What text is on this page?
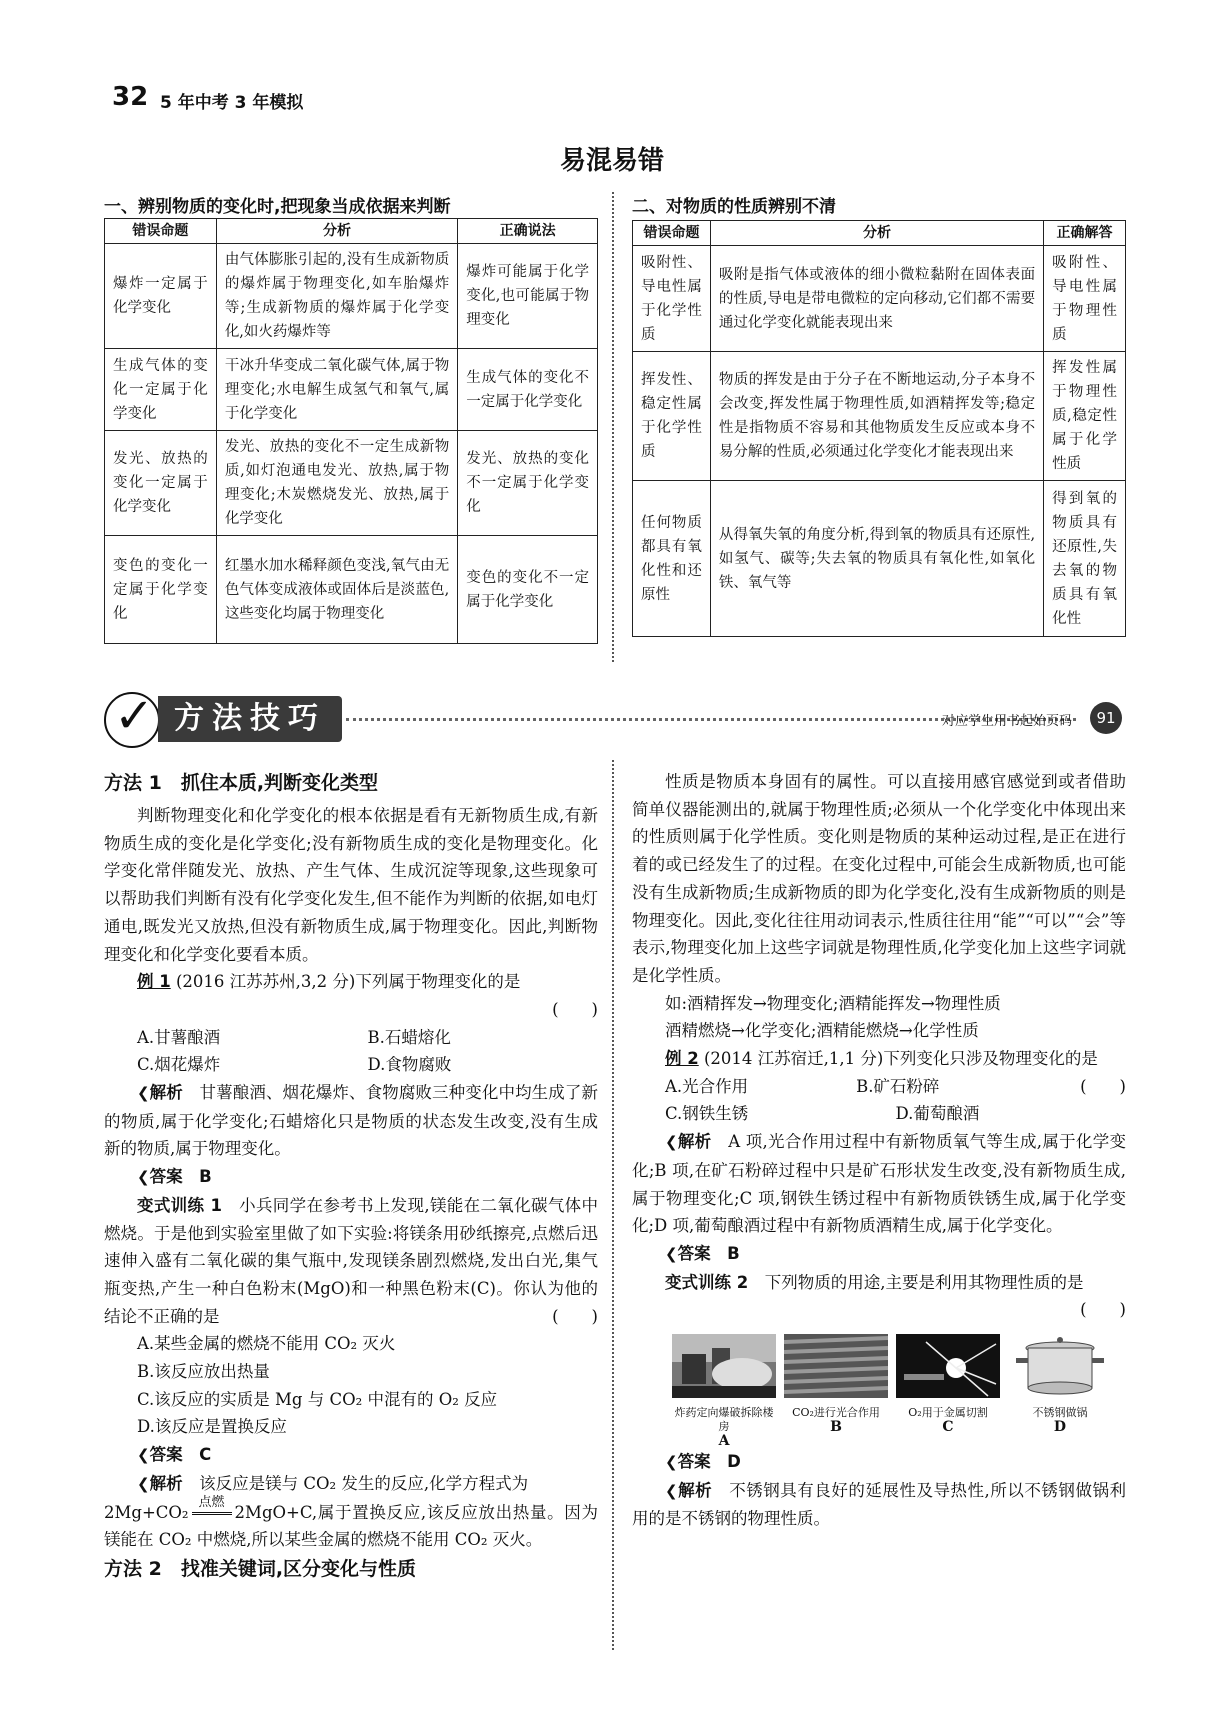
32 5 年中考 3 年模拟
易混易错
一、辨别物质的变化时,把现象当成依据来判断	二、对物质的性质辨别不清
错误命题	分析	正确说法
爆炸一定属于化学变化	由气体膨胀引起的,没有生成新物质的爆炸属于物理变化,如车胎爆炸等;生成新物质的爆炸属于化学变化,如火药爆炸等	爆炸可能属于化学变化,也可能属于物理变化
生成气体的变化一定属于化学变化	干冰升华变成二氧化碳气体,属于物理变化;水电解生成氢气和氧气,属于化学变化	生成气体的变化不一定属于化学变化
发光、放热的变化一定属于化学变化	发光、放热的变化不一定生成新物质,如灯泡通电发光、放热,属于物理变化;木炭燃烧发光、放热,属于化学变化	发光、放热的变化不一定属于化学变化
变色的变化一定属于化学变化	红墨水加水稀释颜色变浅,氧气由无色气体变成液体或固体后是淡蓝色,这些变化均属于物理变化	变色的变化不一定属于化学变化
错误命题	分析	正确解答
吸附性、导电性属于化学性质	吸附是指气体或液体的细小微粒黏附在固体表面的性质,导电是带电微粒的定向移动,它们都不需要通过化学变化就能表现出来	吸附性、导电性属于物理性质
挥发性、稳定性属于化学性质	物质的挥发是由于分子在不断地运动,分子本身不会改变,挥发性属于物理性质,如酒精挥发等;稳定性是指物质不容易和其他物质发生反应或本身不易分解的性质,必须通过化学变化才能表现出来	挥发性属于物理性质,稳定性属于化学性质
任何物质都具有氧化性和还原性	从得氧失氧的角度分析,得到氧的物质具有还原性,如氢气、碳等;失去氧的物质具有氧化性,如氧化铁、氧气等	得到氧的物质具有还原性,失去氧的物质具有氧化性
✓ 方法技巧	对应学生用书起始页码	91

方法 1　抓住本质,判断变化类型

判断物理变化和化学变化的根本依据是看有无新物质生成,有新物质生成的变化是化学变化;没有新物质生成的变化是物理变化。化学变化常伴随发光、放热、产生气体、生成沉淀等现象,这些现象可以帮助我们判断有没有化学变化发生,但不能作为判断的依据,如电灯通电,既发光又放热,但没有新物质生成,属于物理变化。因此,判断物理变化和化学变化要看本质。

例 1 (2016 江苏苏州,3,2 分)下列属于物理变化的是

(　　)

A.甘薯酿酒	B.石蜡熔化
C.烟花爆炸	D.食物腐败

❮解析　 甘薯酿酒、烟花爆炸、食物腐败三种变化中均生成了新的物质,属于化学变化;石蜡熔化只是物质的状态发生改变,没有生成新的物质,属于物理变化。

❮答案　 B

变式训练 1　 小兵同学在参考书上发现,镁能在二氧化碳气体中燃烧。于是他到实验室里做了如下实验:将镁条用砂纸擦亮,点燃后迅速伸入盛有二氧化碳的集气瓶中,发现镁条剧烈燃烧,发出白光,集气瓶变热,产生一种白色粉末(MgO)和一种黑色粉末(C)。你认为他的结论不正确的是	(　　)

A.某些金属的燃烧不能用 CO₂ 灭火

B.该反应放出热量

C.该反应的实质是 Mg 与 CO₂ 中混有的 O₂ 反应

D.该反应是置换反应

❮答案　 C

❮解析　 该反应是镁与 CO₂ 发生的反应,化学方程式为

2Mg+CO₂
点燃
2MgO+C,属于置换反应,该反应放出热量。因为镁能在 CO₂ 中燃烧,所以某些金属的燃烧不能用 CO₂ 灭火。

方法 2　找准关键词,区分变化与性质

性质是物质本身固有的属性。可以直接用感官感觉到或者借助简单仪器能测出的,就属于物理性质;必须从一个化学变化中体现出来的性质则属于化学性质。变化则是物质的某种运动过程,是正在进行着的或已经发生了的过程。在变化过程中,可能会生成新物质,也可能没有生成新物质;生成新物质的即为化学变化,没有生成新物质的则是物理变化。因此,变化往往用动词表示,性质往往用“能”“可以”“会”等表示,物理变化加上这些字词就是物理性质,化学变化加上这些字词就是化学性质。

如:酒精挥发→物理变化;酒精能挥发→物理性质

酒精燃烧→化学变化;酒精能燃烧→化学性质

例 2 (2014 江苏宿迁,1,1 分)下列变化只涉及物理变化的是
(　　)

A.光合作用	B.矿石粉碎
C.钢铁生锈	D.葡萄酿酒

❮解析　 A 项,光合作用过程中有新物质氧气等生成,属于化学变化;B 项,在矿石粉碎过程中只是矿石形状发生改变,没有新物质生成,属于物理变化;C 项,钢铁生锈过程中有新物质铁锈生成,属于化学变化;D 项,葡萄酿酒过程中有新物质酒精生成,属于化学变化。

❮答案　 B

变式训练 2　 下列物质的用途,主要是利用其物理性质的是

(　　)

炸药定向爆破拆除楼房
A
CO₂进行光合作用
B
O₂用于金属切割
C
不锈钢做锅
D

❮答案　 D

❮解析　 不锈钢具有良好的延展性及导热性,所以不锈钢做锅利用的是不锈钢的物理性质。
